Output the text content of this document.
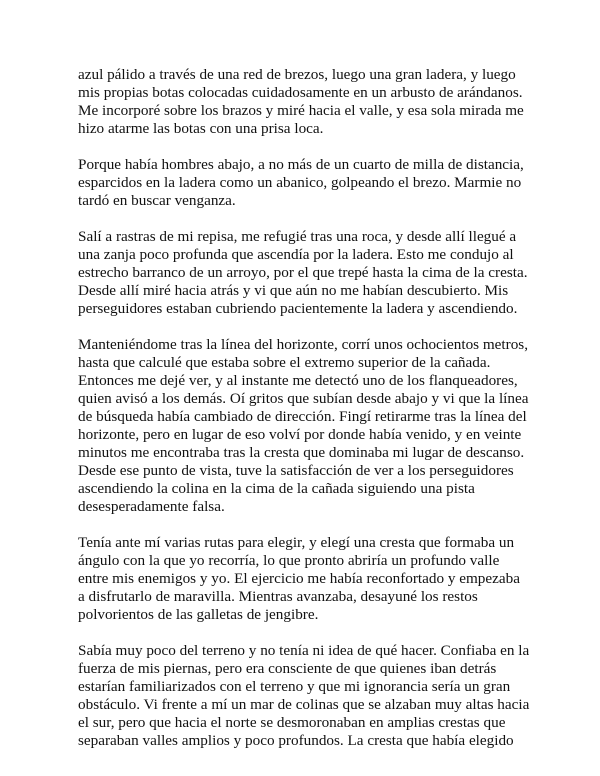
azul pálido a través de una red de brezos, luego una gran ladera, y luego mis propias botas colocadas cuidadosamente en un arbusto de arándanos. Me incorporé sobre los brazos y miré hacia el valle, y esa sola mirada me hizo atarme las botas con una prisa loca.

Porque había hombres abajo, a no más de un cuarto de milla de distancia, esparcidos en la ladera como un abanico, golpeando el brezo. Marmie no tardó en buscar venganza.

Salí a rastras de mi repisa, me refugié tras una roca, y desde allí llegué a una zanja poco profunda que ascendía por la ladera. Esto me condujo al estrecho barranco de un arroyo, por el que trepé hasta la cima de la cresta. Desde allí miré hacia atrás y vi que aún no me habían descubierto. Mis perseguidores estaban cubriendo pacientemente la ladera y ascendiendo.

Manteniéndome tras la línea del horizonte, corrí unos ochocientos metros, hasta que calculé que estaba sobre el extremo superior de la cañada. Entonces me dejé ver, y al instante me detectó uno de los flanqueadores, quien avisó a los demás. Oí gritos que subían desde abajo y vi que la línea de búsqueda había cambiado de dirección. Fingí retirarme tras la línea del horizonte, pero en lugar de eso volví por donde había venido, y en veinte minutos me encontraba tras la cresta que dominaba mi lugar de descanso. Desde ese punto de vista, tuve la satisfacción de ver a los perseguidores ascendiendo la colina en la cima de la cañada siguiendo una pista desesperadamente falsa.

Tenía ante mí varias rutas para elegir, y elegí una cresta que formaba un ángulo con la que yo recorría, lo que pronto abriría un profundo valle entre mis enemigos y yo. El ejercicio me había reconfortado y empezaba a disfrutarlo de maravilla. Mientras avanzaba, desayuné los restos polvorientos de las galletas de jengibre.

Sabía muy poco del terreno y no tenía ni idea de qué hacer. Confiaba en la fuerza de mis piernas, pero era consciente de que quienes iban detrás estarían familiarizados con el terreno y que mi ignorancia sería un gran obstáculo. Vi frente a mí un mar de colinas que se alzaban muy altas hacia el sur, pero que hacia el norte se desmoronaban en amplias crestas que separaban valles amplios y poco profundos. La cresta que había elegido
